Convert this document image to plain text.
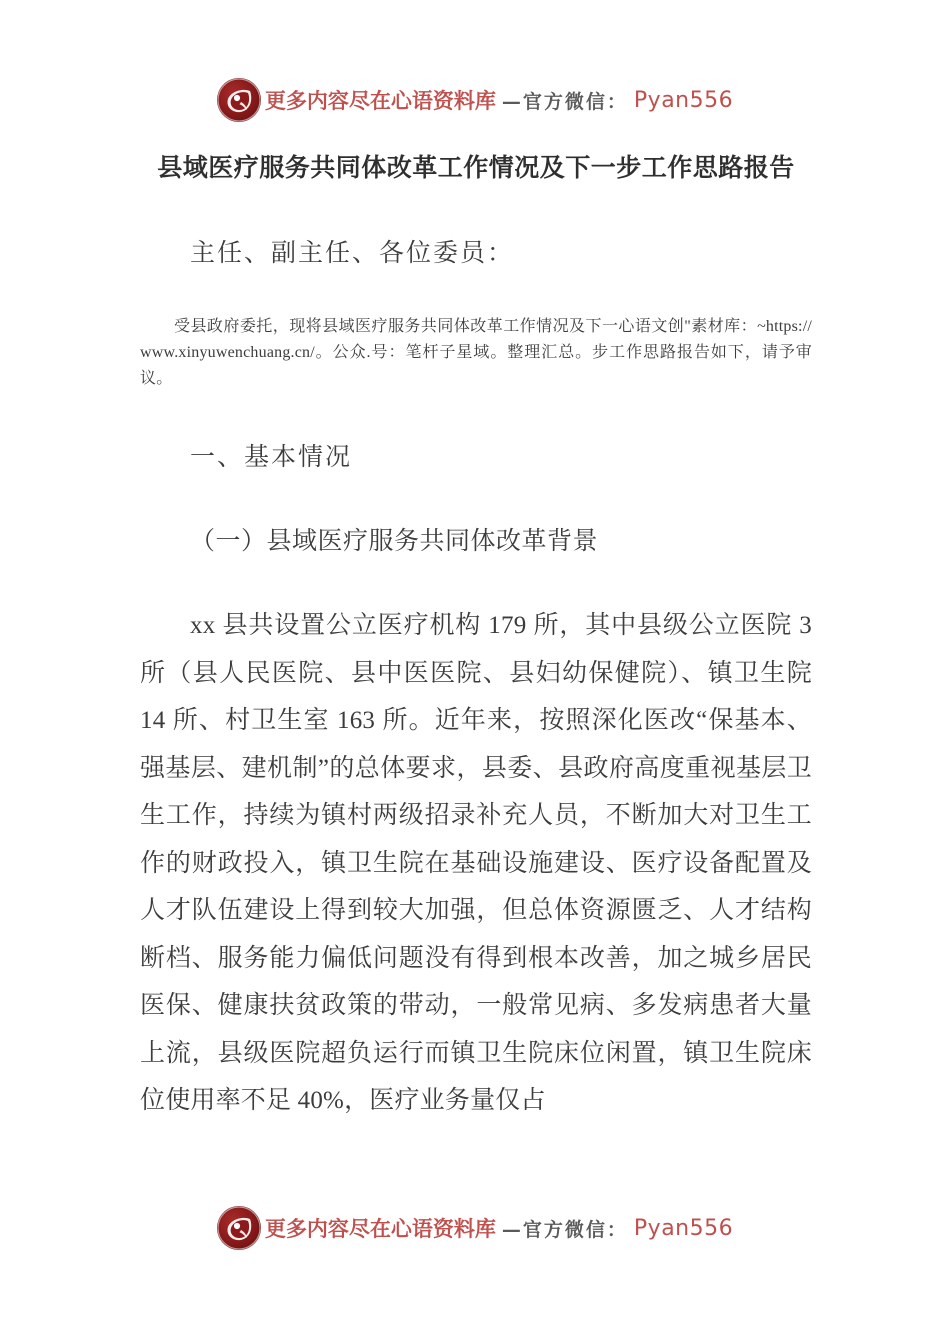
更多内容尽在心语资料库 —官方微信： Pyan556
县域医疗服务共同体改革工作情况及下一步工作思路报告

主任、副主任、各位委员：

受县政府委托，现将县域医疗服务共同体改革工作情况及下一心语文创"素材库：~https://www.xinyuwenchuang.cn/。公众.号：笔杆子星域。整理汇总。步工作思路报告如下，请予审议。

一、基本情况

（一）县域医疗服务共同体改革背景

xx 县共设置公立医疗机构 179 所，其中县级公立医院 3 所（县人民医院、县中医医院、县妇幼保健院）、镇卫生院 14 所、村卫生室 163 所。近年来，按照深化医改“保基本、强基层、建机制”的总体要求，县委、县政府高度重视基层卫生工作，持续为镇村两级招录补充人员，不断加大对卫生工作的财政投入，镇卫生院在基础设施建设、医疗设备配置及人才队伍建设上得到较大加强，但总体资源匮乏、人才结构断档、服务能力偏低问题没有得到根本改善，加之城乡居民医保、健康扶贫政策的带动，一般常见病、多发病患者大量上流，县级医院超负运行而镇卫生院床位闲置，镇卫生院床位使用率不足 40%，医疗业务量仅占

更多内容尽在心语资料库 —官方微信： Pyan556
